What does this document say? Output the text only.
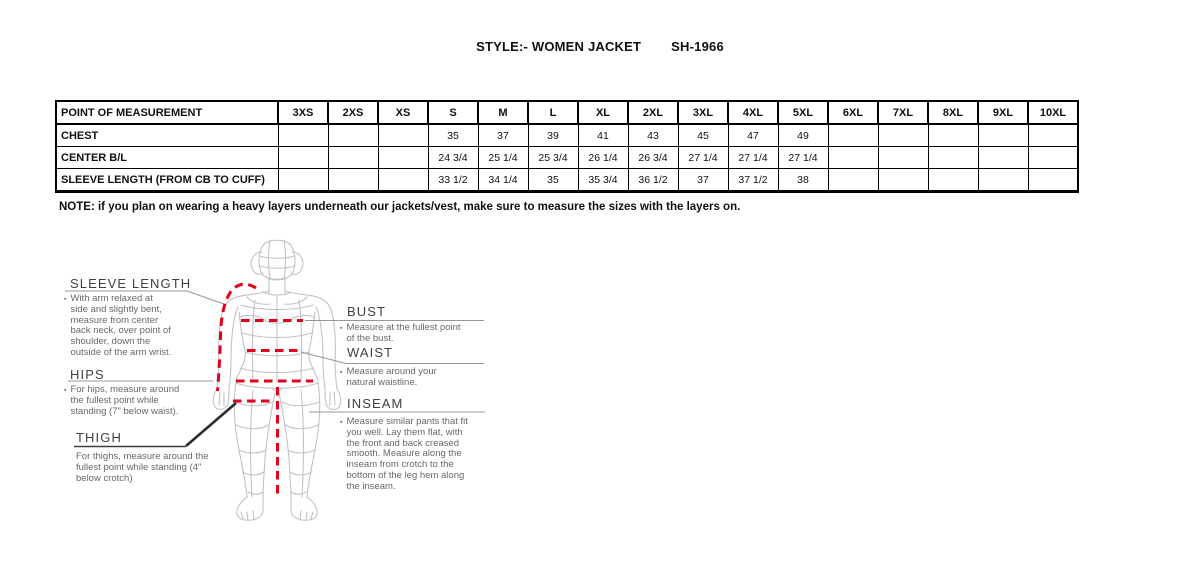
STYLE:- WOMEN JACKET SH-1966
POINT OF MEASUREMENT	3XS	2XS	XS	S	M	L	XL	2XL	3XL	4XL	5XL	6XL	7XL	8XL	9XL	10XL
CHEST				35	37	39	41	43	45	47	49					
CENTER B/L				24 3/4	25 1/4	25 3/4	26 1/4	26 3/4	27 1/4	27 1/4	27 1/4					
SLEEVE LENGTH (FROM CB TO CUFF)				33 1/2	34 1/4	35	35 3/4	36 1/2	37	37 1/2	38					
NOTE: if you plan on wearing a heavy layers underneath our jackets/vest, make sure to measure the sizes with the layers on.
SLEEVE LENGTH
▪ With arm relaxed at side and slightly bent, measure from center back neck, over point of shoulder, down the outside of the arm wrist.
HIPS
▪ For hips, measure around the fullest point while standing (7" below waist).
THIGH
For thighs, measure around the fullest point while standing (4" below crotch)
BUST
▪ Measure at the fullest point of the bust.
WAIST
▪ Measure around your natural waistline.
INSEAM
▪ Measure similar pants that fit you well. Lay them flat, with the front and back creased smooth. Measure along the inseam from crotch to the bottom of the leg hem along the inseam.
